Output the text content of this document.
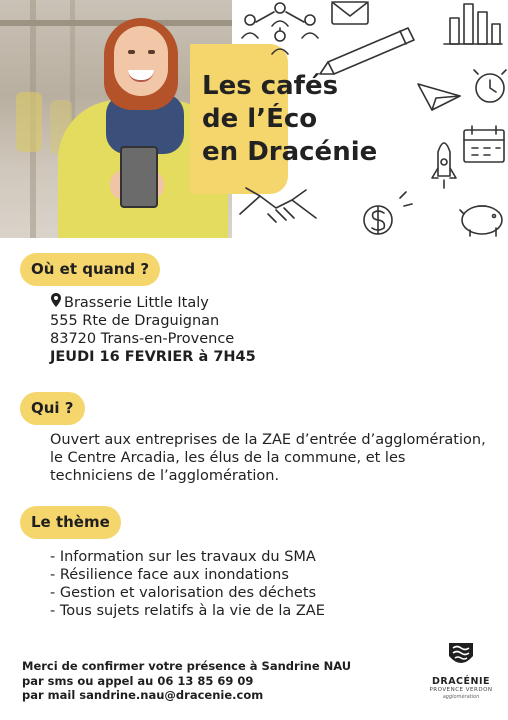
Les cafés
de l’Éco
en Dracénie
Où et quand ?
Brasserie Little Italy
555 Rte de Draguignan
83720 Trans-en-Provence
JEUDI 16 FEVRIER à 7H45
Qui ?

Ouvert aux entreprises de la ZAE d’entrée d’agglomération, le Centre Arcadia, les élus de la commune, et les techniciens de l’agglomération.

Le thème
- Information sur les travaux du SMA
- Résilience face aux inondations
- Gestion et valorisation des déchets
- Tous sujets relatifs à la vie de la ZAE
Merci de confirmer votre présence à Sandrine NAU
par sms ou appel au 06 13 85 69 09
par mail sandrine.nau@dracenie.com
DRACÉNIE
PROVENCE VERDON
agglomération
